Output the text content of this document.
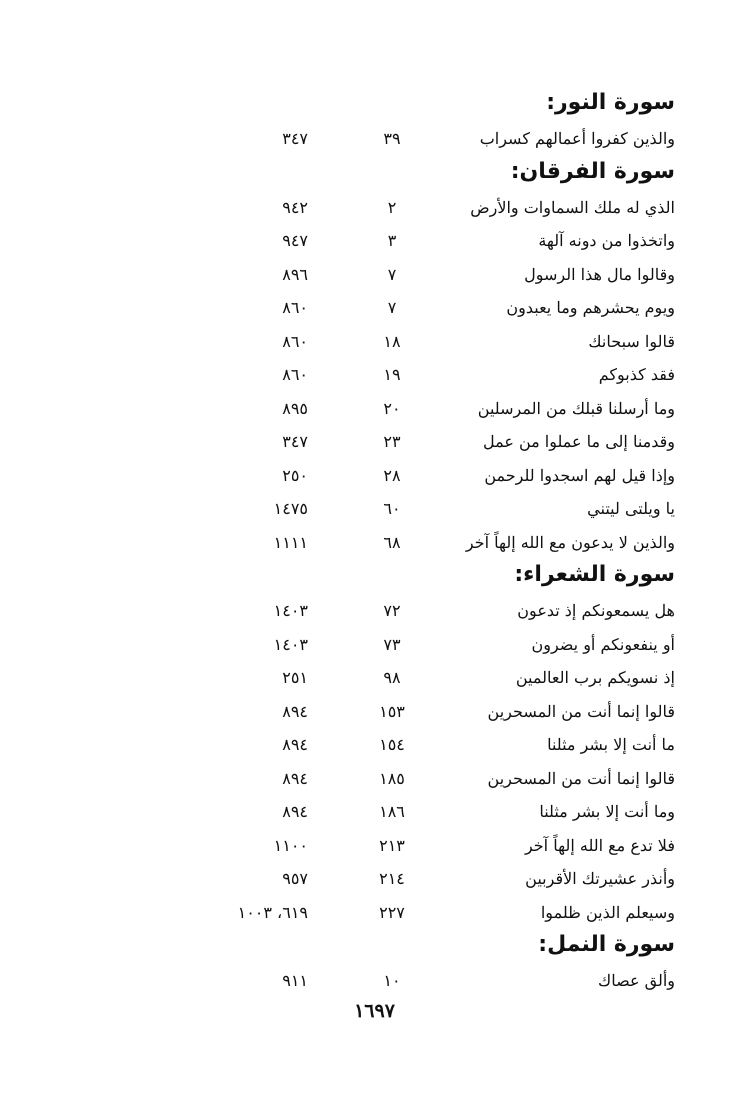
سورة النور:
والذين كفروا أعمالهم كسراب
٣٩
٣٤٧
سورة الفرقان:
الذي له ملك السماوات والأرض
٢
٩٤٢
واتخذوا من دونه آلهة
٣
٩٤٧
وقالوا مال هذا الرسول
٧
٨٩٦
ويوم يحشرهم وما يعبدون
٧
٨٦٠
قالوا سبحانك
١٨
٨٦٠
فقد كذبوكم
١٩
٨٦٠
وما أرسلنا قبلك من المرسلين
٢٠
٨٩٥
وقدمنا إلى ما عملوا من عمل
٢٣
٣٤٧
وإذا قيل لهم اسجدوا للرحمن
٢٨
٢٥٠
يا ويلتى ليتني
٦٠
١٤٧٥
والذين لا يدعون مع الله إلهاً آخر
٦٨
١١١١
سورة الشعراء:
هل يسمعونكم إذ تدعون
٧٢
١٤٠٣
أو ينفعونكم أو يضرون
٧٣
١٤٠٣
إذ نسويكم برب العالمين
٩٨
٢٥١
قالوا إنما أنت من المسحرين
١٥٣
٨٩٤
ما أنت إلا بشر مثلنا
١٥٤
٨٩٤
قالوا إنما أنت من المسحرين
١٨٥
٨٩٤
وما أنت إلا بشر مثلنا
١٨٦
٨٩٤
فلا تدع مع الله إلهاً آخر
٢١٣
١١٠٠
وأنذر عشيرتك الأقربين
٢١٤
٩٥٧
وسيعلم الذين ظلموا
٢٢٧
٦١٩، ١٠٠٣
سورة النمل:
وألق عصاك
١٠
٩١١
١٦٩٧
